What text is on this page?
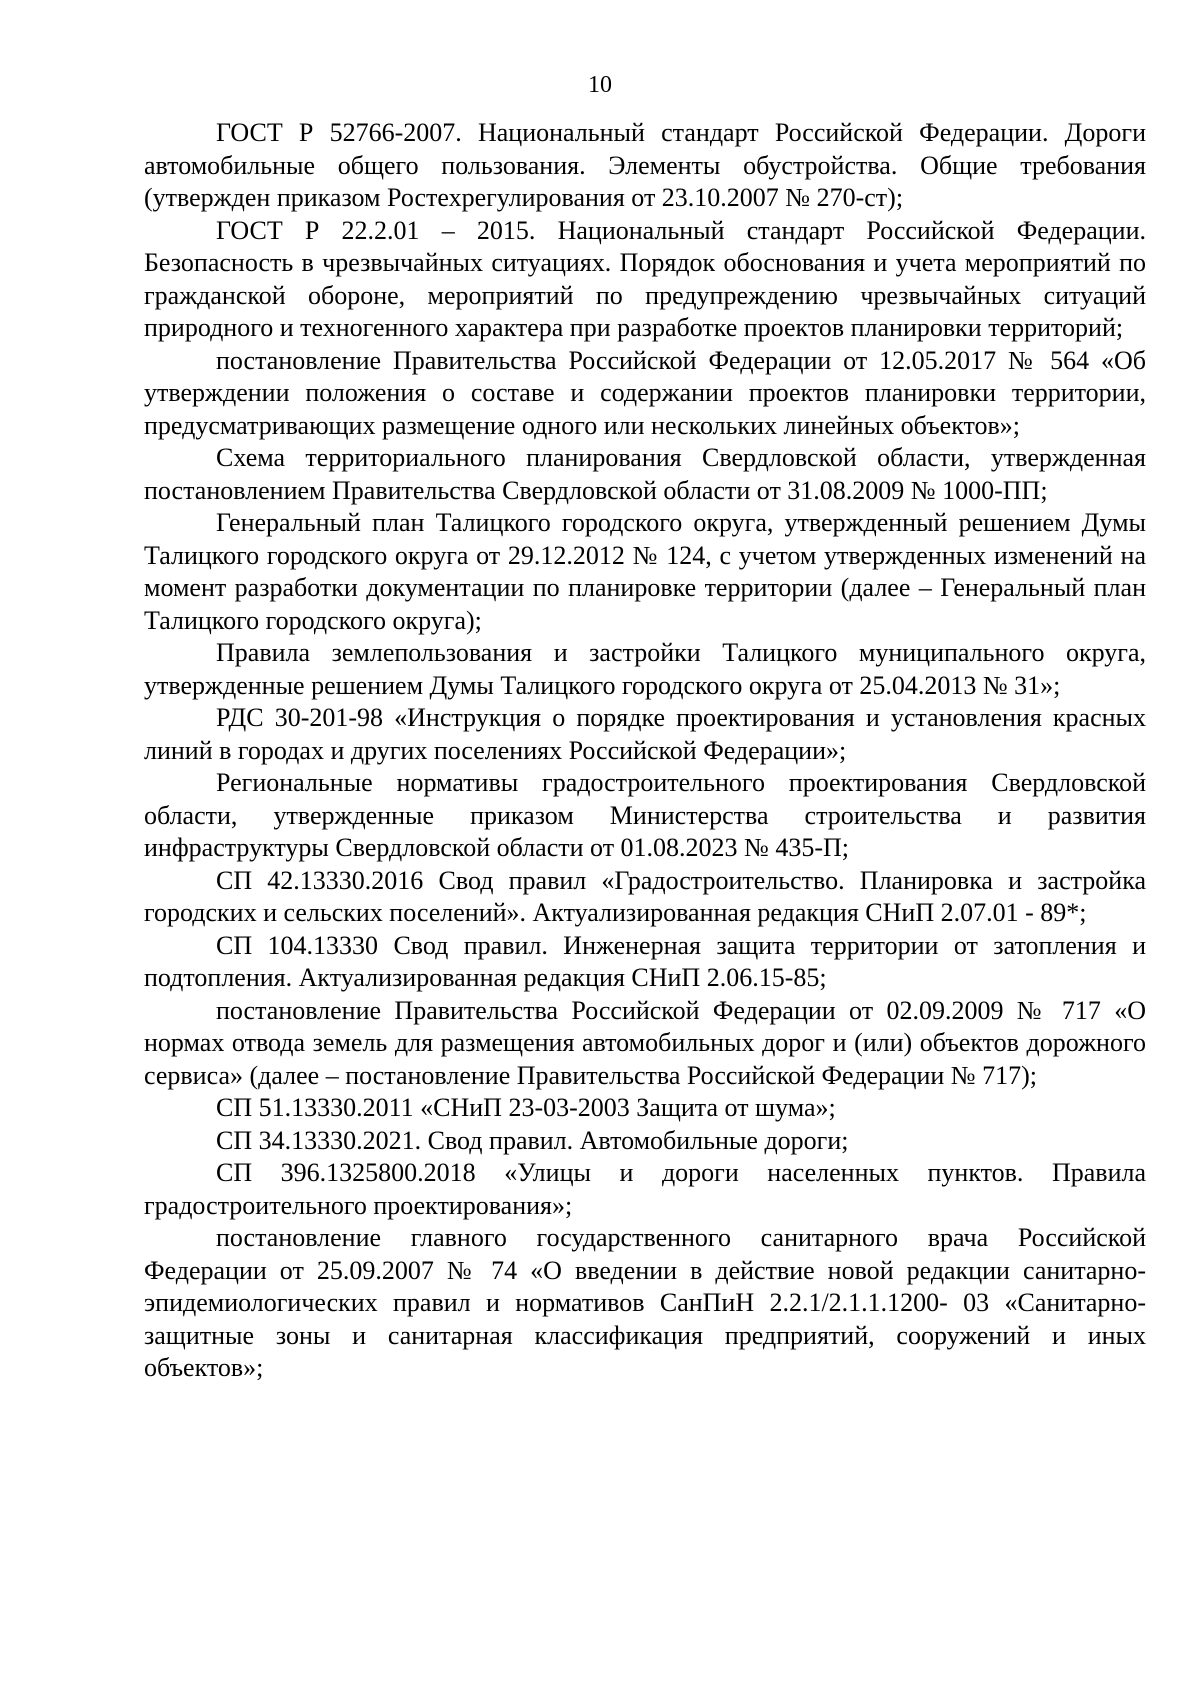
10

ГОСТ Р 52766-2007. Национальный стандарт Российской Федерации. Дороги автомобильные общего пользования. Элементы обустройства. Общие требования (утвержден приказом Ростехрегулирования от 23.10.2007 № 270-ст);

ГОСТ Р 22.2.01 – 2015. Национальный стандарт Российской Федерации. Безопасность в чрезвычайных ситуациях. Порядок обоснования и учета мероприятий по гражданской обороне, мероприятий по предупреждению чрезвычайных ситуаций природного и техногенного характера при разработке проектов планировки территорий;

постановление Правительства Российской Федерации от 12.05.2017 № 564 «Об утверждении положения о составе и содержании проектов планировки территории, предусматривающих размещение одного или нескольких линейных объектов»;

Схема территориального планирования Свердловской области, утвержденная постановлением Правительства Свердловской области от 31.08.2009 № 1000-ПП;

Генеральный план Талицкого городского округа, утвержденный решением Думы Талицкого городского округа от 29.12.2012 № 124, с учетом утвержденных изменений на момент разработки документации по планировке территории (далее – Генеральный план Талицкого городского округа);

Правила землепользования и застройки Талицкого муниципального округа, утвержденные решением Думы Талицкого городского округа от 25.04.2013 № 31»;

РДС 30-201-98 «Инструкция о порядке проектирования и установления красных линий в городах и других поселениях Российской Федерации»;

Региональные нормативы градостроительного проектирования Свердловской области, утвержденные приказом Министерства строительства и развития инфраструктуры Свердловской области от 01.08.2023 № 435-П;

СП 42.13330.2016 Свод правил «Градостроительство. Планировка и застройка городских и сельских поселений». Актуализированная редакция СНиП 2.07.01 - 89*;

СП 104.13330 Свод правил. Инженерная защита территории от затопления и подтопления. Актуализированная редакция СНиП 2.06.15-85;

постановление Правительства Российской Федерации от 02.09.2009 № 717 «О нормах отвода земель для размещения автомобильных дорог и (или) объектов дорожного сервиса» (далее – постановление Правительства Российской Федерации № 717);

СП 51.13330.2011 «СНиП 23-03-2003 Защита от шума»;

СП 34.13330.2021. Свод правил. Автомобильные дороги;

СП 396.1325800.2018 «Улицы и дороги населенных пунктов. Правила градостроительного проектирования»;

постановление главного государственного санитарного врача Российской Федерации от 25.09.2007 № 74 «О введении в действие новой редакции санитарно-эпидемиологических правил и нормативов СанПиН 2.2.1/2.1.1.1200- 03 «Санитарно-защитные зоны и санитарная классификация предприятий, сооружений и иных объектов»;
